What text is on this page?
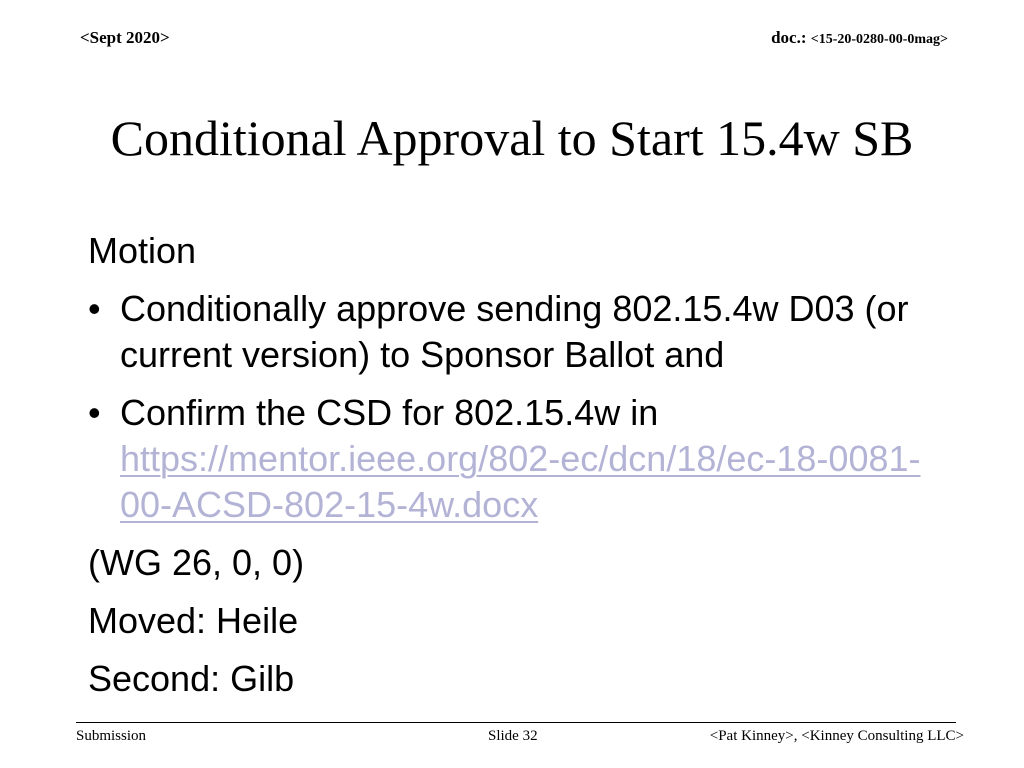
<Sept 2020>	doc.: <15-20-0280-00-0mag>
Conditional Approval to Start 15.4w SB

Motion

• Conditionally approve sending 802.15.4w D03 (or current version) to Sponsor Ballot and
• Confirm the CSD for 802.15.4w in https://mentor.ieee.org/802-ec/dcn/18/ec-18-0081-00-ACSD-802-15-4w.docx

(WG 26, 0, 0)

Moved: Heile

Second: Gilb

Submission	Slide 32	<Pat Kinney>, <Kinney Consulting LLC>
